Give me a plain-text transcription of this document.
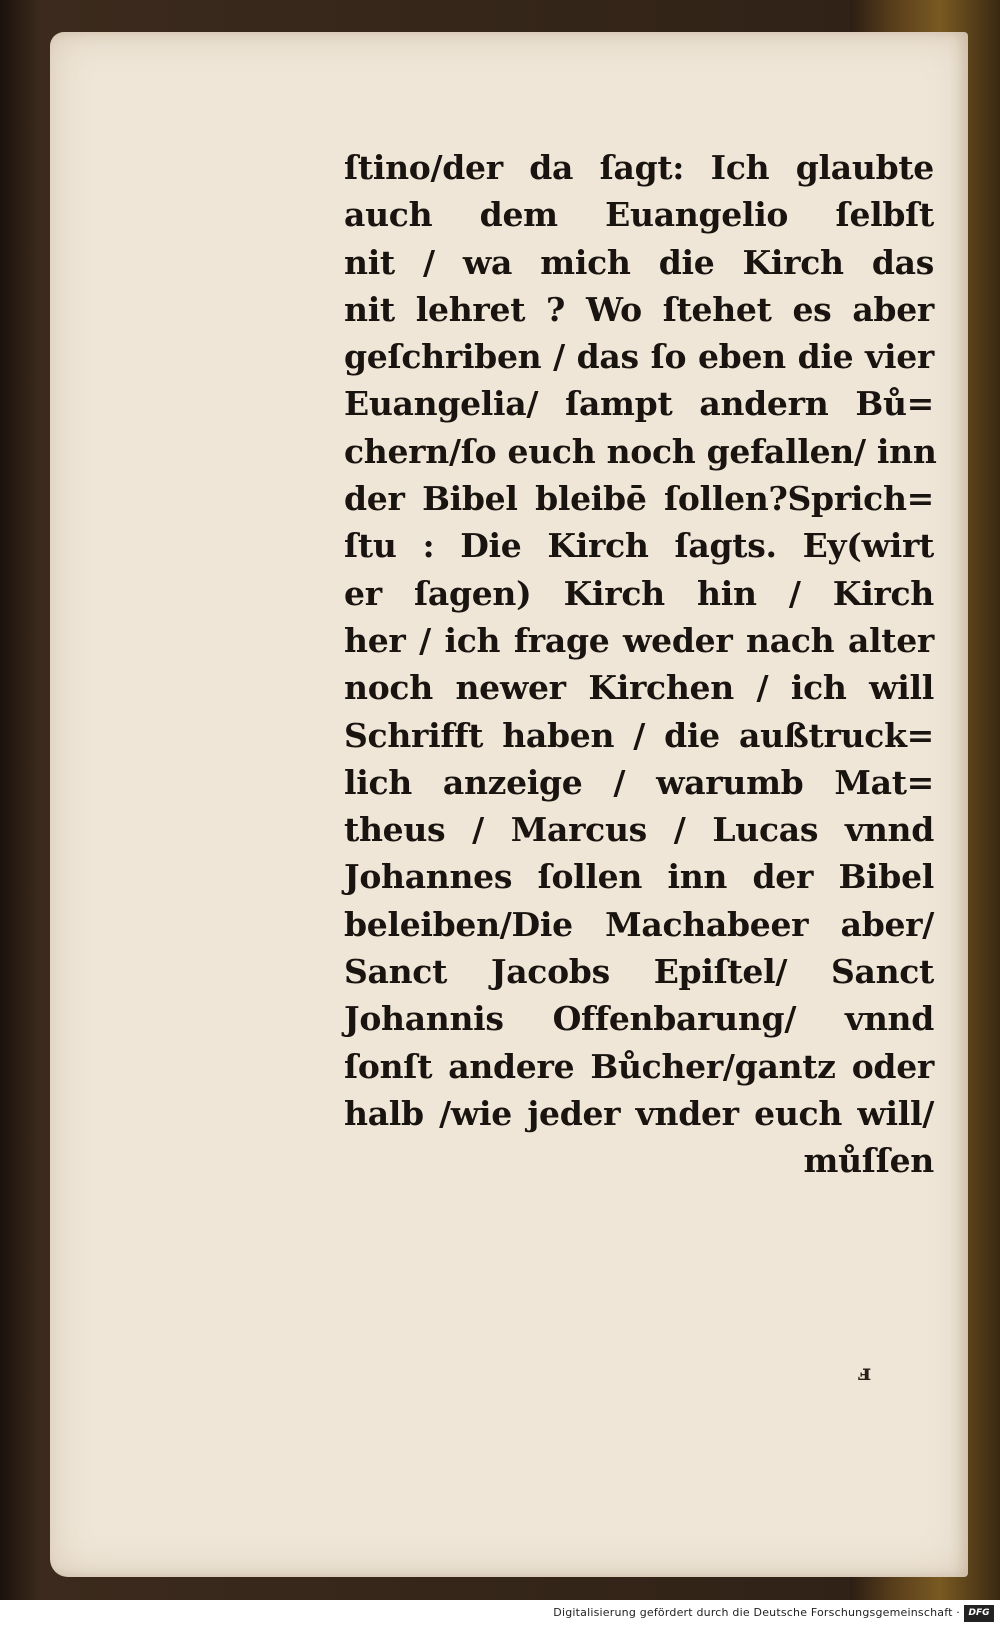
ſtino/der da ſagt: Ich glaubte
auch dem Euangelio ſelbſt
nit / wa mich die Kirch das
nit lehret ? Wo ſtehet es aber
geſchriben / das ſo eben die vier
Euangelia/ ſampt andern Bů=
chern/ſo euch noch gefallen/ inn
der Bibel bleibē ſollen?Sprich=
ſtu : Die Kirch ſagts. Ey(wirt
er ſagen) Kirch hin / Kirch
her / ich frage weder nach alter
noch newer Kirchen / ich will
Schrifft haben / die außtruck=
lich anzeige / warumb Mat=
theus / Marcus / Lucas vnnd
Johannes ſollen inn der Bibel
beleiben/Die Machabeer aber/
Sanct Jacobs Epiſtel/ Sanct
Johannis Offenbarung/ vnnd
ſonſt andere Bůcher/gantz oder
halb /wie jeder vnder euch will/
můſſen
ⅎ
Digitalisierung gefördert durch die Deutsche Forschungsgemeinschaft · DFG
